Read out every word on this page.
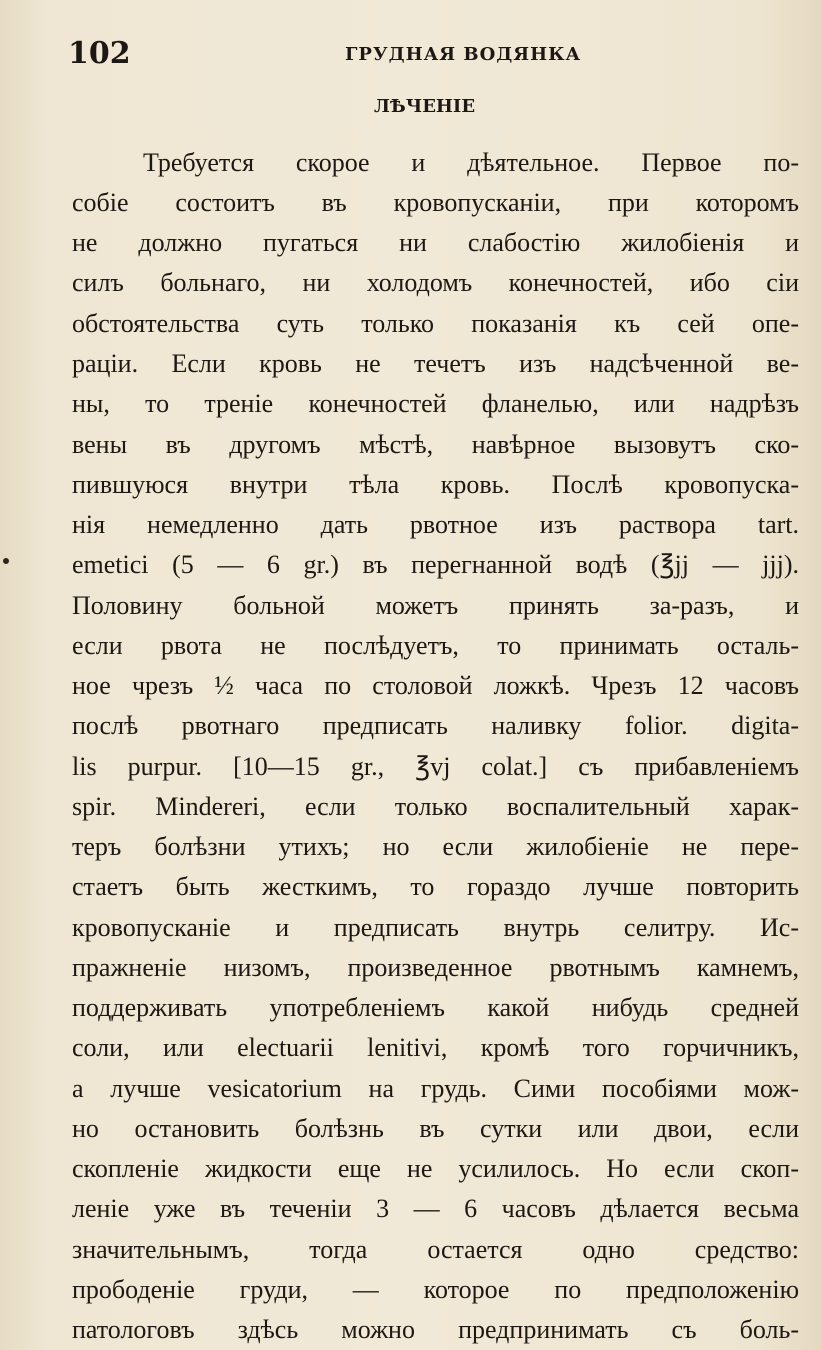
102	ГРУДНАЯ ВОДЯНКА
ЛѢЧЕНІЕ
Требуется скорое и дѣятельное. Первое по-
собіе состоитъ въ кровопусканіи, при которомъ
не должно пугаться ни слабостію жилобіенія и
силъ больнаго, ни холодомъ конечностей, ибо сіи
обстоятельства суть только показанія къ сей опе-
раціи. Если кровь не течетъ изъ надсѣченной ве-
ны, то треніе конечностей фланелью, или надрѣзъ
вены въ другомъ мѣстѣ, навѣрное вызовутъ ско-
пившуюся внутри тѣла кровь. Послѣ кровопуска-
нія немедленно дать рвотное изъ раствора tart.
emetici (5 — 6 gr.) въ перегнанной водѣ (℥jj — jjj).
Половину больной можетъ принять за-разъ, и
если рвота не послѣдуетъ, то принимать осталь-
ное чрезъ ½ часа по столовой ложкѣ. Чрезъ 12 часовъ
послѣ рвотнаго предписать наливку folior. digita-
lis purpur. [10—15 gr., ℥vj colat.] съ прибавленіемъ
spir. Mindereri, если только воспалительный харак-
теръ болѣзни утихъ; но если жилобіеніе не пере-
стаетъ быть жесткимъ, то гораздо лучше повторить
кровопусканіе и предписать внутрь селитру. Ис-
пражненіе низомъ, произведенное рвотнымъ камнемъ,
поддерживать употребленіемъ какой нибудь средней
соли, или electuarii lenitivi, кромѣ того горчичникъ,
а лучше vesicatorium на грудь. Сими пособіями мож-
но остановить болѣзнь въ сутки или двои, если
скопленіе жидкости еще не усилилось. Но если скоп-
леніе уже въ теченіи 3 — 6 часовъ дѣлается весьма
значительнымъ, тогда остается одно средство:
прободеніе груди, — которое по предположенію
патологовъ здѣсь можно предпринимать съ боль-
